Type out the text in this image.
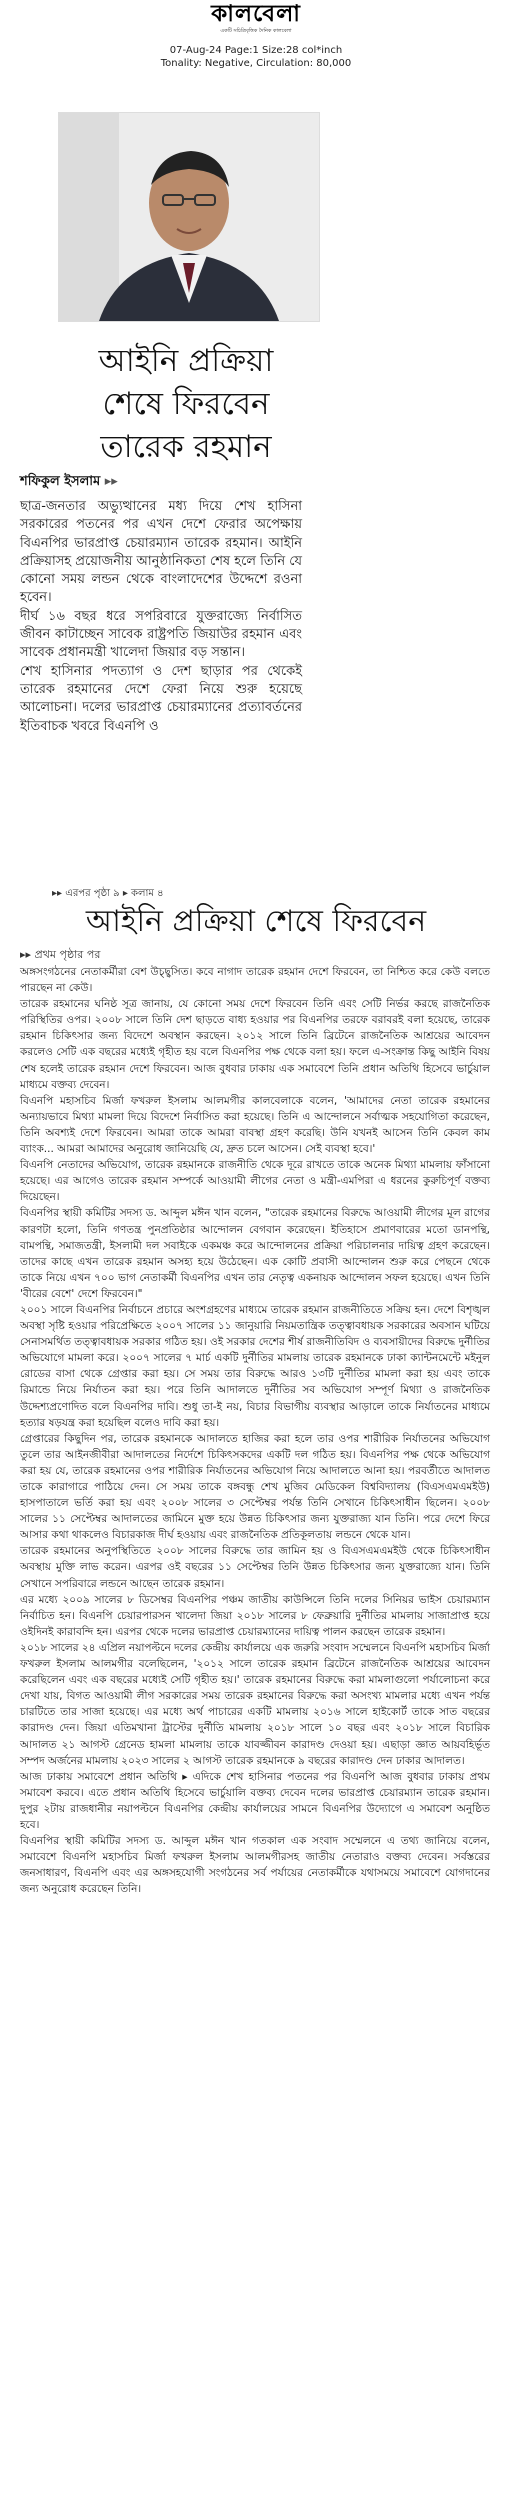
কালবেলা
একটি সচিত্রিবৃত্তিক দৈনিক কালবেলা
07-Aug-24 Page:1 Size:28 col*inch
Tonality: Negative, Circulation: 80,000
আইনি প্রক্রিয়া
শেষে ফিরবেন
তারেক রহমান
শফিকুল ইসলাম ▸▸

ছাত্র-জনতার অভ্যুত্থানের মধ্য দিয়ে শেখ হাসিনা সরকারের পতনের পর এখন দেশে ফেরার অপেক্ষায় বিএনপির ভারপ্রাপ্ত চেয়ারম্যান তারেক রহমান। আইনি প্রক্রিয়াসহ প্রয়োজনীয় আনুষ্ঠানিকতা শেষ হলে তিনি যে কোনো সময় লন্ডন থেকে বাংলাদেশের উদ্দেশে রওনা হবেন।

দীর্ঘ ১৬ বছর ধরে সপরিবারে যুক্তরাজ্যে নির্বাসিত জীবন কাটাচ্ছেন সাবেক রাষ্ট্রপতি জিয়াউর রহমান এবং সাবেক প্রধানমন্ত্রী খালেদা জিয়ার বড় সন্তান।

শেখ হাসিনার পদত্যাগ ও দেশ ছাড়ার পর থেকেই তারেক রহমানের দেশে ফেরা নিয়ে শুরু হয়েছে আলোচনা। দলের ভারপ্রাপ্ত চেয়ারম্যানের প্রত্যাবর্তনের ইতিবাচক খবরে বিএনপি ও

▸▸ এরপর পৃষ্ঠা ৯ ▸ কলাম ৪
আইনি প্রক্রিয়া শেষে ফিরবেন
▸▸ প্রথম পৃষ্ঠার পর

অঙ্গসংগঠনের নেতাকর্মীরা বেশ উচ্ছ্বসিত। কবে নাগাদ তারেক রহমান দেশে ফিরবেন, তা নিশ্চিত করে কেউ বলতে পারছেন না কেউ।

তারেক রহমানের ঘনিষ্ঠ সূত্র জানায়, যে কোনো সময় দেশে ফিরবেন তিনি এবং সেটি নির্ভর করছে রাজনৈতিক পরিস্থিতির ওপর। ২০০৮ সালে তিনি দেশ ছাড়তে বাধ্য হওয়ার পর বিএনপির তরফে বরাবরই বলা হয়েছে, তারেক রহমান চিকিৎসার জন্য বিদেশে অবস্থান করছেন। ২০১২ সালে তিনি ব্রিটেনে রাজনৈতিক আশ্রয়ের আবেদন করলেও সেটি এক বছরের মধ্যেই গৃহীত হয় বলে বিএনপির পক্ষ থেকে বলা হয়। ফলে এ-সংক্রান্ত কিছু আইনি বিষয় শেষ হলেই তারেক রহমান দেশে ফিরবেন। আজ বুধবার ঢাকায় এক সমাবেশে তিনি প্রধান অতিথি হিসেবে ভার্চুয়াল মাধ্যমে বক্তব্য দেবেন।

বিএনপি মহাসচিব মির্জা ফখরুল ইসলাম আলমগীর কালবেলাকে বলেন, 'আমাদের নেতা তারেক রহমানের অন্যায়ভাবে মিথ্যা মামলা দিয়ে বিদেশে নির্বাসিত করা হয়েছে। তিনি এ আন্দোলনে সর্বাত্মক সহযোগিতা করেছেন, তিনি অবশ্যই দেশে ফিরবেন। আমরা তাকে আমরা বাবস্থা গ্রহণ করেছি। উনি যখনই আসেন তিনি কেবল কাম ব্যাংক... আমরা আমাদের অনুরোধ জানিয়েছি যে, দ্রুত চলে আসেন। সেই ব্যবস্থা হবে।'

বিএনপি নেতাদের অভিযোগ, তারেক রহমানকে রাজনীতি থেকে দূরে রাখতে তাকে অনেক মিথ্যা মামলায় ফাঁসানো হয়েছে। এর আগেও তারেক রহমান সম্পর্কে আওয়ামী লীগের নেতা ও মন্ত্রী-এমপিরা এ ধরনের কুরুচিপূর্ণ বক্তব্য দিয়েছেন।

বিএনপির স্থায়ী কমিটির সদস্য ড. আব্দুল মঈন খান বলেন, "তারেক রহমানের বিরুদ্ধে আওয়ামী লীগের মূল রাগের কারণটা হলো, তিনি গণতন্ত্র পুনপ্রতিষ্ঠার আন্দোলন বেগবান করেছেন। ইতিহাসে প্রমাণবারের মতো ডানপন্থি, বামপন্থি, সমাজতন্ত্রী, ইসলামী দল সবাইকে একমঞ্চ করে আন্দোলনের প্রক্রিয়া পরিচালনার দায়িত্ব গ্রহণ করেছেন। তাদের কাছে এখন তারেক রহমান অসহ্য হয়ে উঠেছেন। এক কোটি প্রবাসী আন্দোলন শুরু করে পেছনে থেকে তাকে নিয়ে এখন ৭০০ ভাগ নেতাকর্মী বিএনপির এখন তার নেতৃত্ব একনায়ক আন্দোলন সফল হয়েছে। এখন তিনি 'বীরের বেশে' দেশে ফিরবেন।"

২০০১ সালে বিএনপির নির্বাচনে প্রচারে অংশগ্রহণের মাধ্যমে তারেক রহমান রাজনীতিতে সক্রিয় হন। দেশে বিশৃঙ্খল অবস্থা সৃষ্টি হওয়ার পরিপ্রেক্ষিতে ২০০৭ সালের ১১ জানুয়ারি নিয়মতান্ত্রিক তত্ত্বাবধায়ক সরকারের অবসান ঘটিয়ে সেনাসমর্থিত তত্ত্বাবধায়ক সরকার গঠিত হয়। ওই সরকার দেশের শীর্ষ রাজনীতিবিদ ও ব্যবসায়ীদের বিরুদ্ধে দুর্নীতির অভিযোগে মামলা করে। ২০০৭ সালের ৭ মার্চ একটি দুর্নীতির মামলায় তারেক রহমানকে ঢাকা ক্যান্টনমেন্টে মইনুল রোডের বাসা থেকে গ্রেপ্তার করা হয়। সে সময় তার বিরুদ্ধে আরও ১৩টি দুর্নীতির মামলা করা হয় এবং তাকে রিমান্ডে নিয়ে নির্যাতন করা হয়। পরে তিনি আদালতে দুর্নীতির সব অভিযোগ সম্পূর্ণ মিথ্যা ও রাজনৈতিক উদ্দেশ্যপ্রণোদিত বলে বিএনপির দাবি। শুধু তা-ই নয়, বিচার বিভাগীয় ব্যবস্থার আড়ালে তাকে নির্যাতনের মাধ্যমে হত্যার ষড়যন্ত্র করা হয়েছিল বলেও দাবি করা হয়।

গ্রেপ্তারের কিছুদিন পর, তারেক রহমানকে আদালতে হাজির করা হলে তার ওপর শারীরিক নির্যাতনের অভিযোগ তুলে তার আইনজীবীরা আদালতের নির্দেশে চিকিৎসকদের একটি দল গঠিত হয়। বিএনপির পক্ষ থেকে অভিযোগ করা হয় যে, তারেক রহমানের ওপর শারীরিক নির্যাতনের অভিযোগ নিয়ে আদালতে আনা হয়। পরবর্তীতে আদালত তাকে কারাগারে পাঠিয়ে দেন। সে সময় তাকে বঙ্গবন্ধু শেখ মুজিব মেডিকেল বিশ্ববিদ্যালয় (বিএসএমএমইউ) হাসপাতালে ভর্তি করা হয় এবং ২০০৮ সালের ৩ সেপ্টেম্বর পর্যন্ত তিনি সেখানে চিকিৎসাধীন ছিলেন। ২০০৮ সালের ১১ সেপ্টেম্বর আদালতের জামিনে মুক্ত হয়ে উন্নত চিকিৎসার জন্য যুক্তরাজ্য যান তিনি। পরে দেশে ফিরে আসার কথা থাকলেও বিচারকাজ দীর্ঘ হওয়ায় এবং রাজনৈতিক প্রতিকূলতায় লন্ডনে থেকে যান।

তারেক রহমানের অনুপস্থিতিতে ২০০৮ সালের বিরুদ্ধে তার জামিন হয় ও বিএসএমএমইউ থেকে চিকিৎসাধীন অবস্থায় মুক্তি লাভ করেন। এরপর ওই বছরের ১১ সেপ্টেম্বর তিনি উন্নত চিকিৎসার জন্য যুক্তরাজ্যে যান। তিনি সেখানে সপরিবারে লন্ডনে আছেন তারেক রহমান।

এর মধ্যে ২০০৯ সালের ৮ ডিসেম্বর বিএনপির পঞ্চম জাতীয় কাউন্সিলে তিনি দলের সিনিয়র ভাইস চেয়ারম্যান নির্বাচিত হন। বিএনপি চেয়ারপারসন খালেদা জিয়া ২০১৮ সালের ৮ ফেব্রুয়ারি দুর্নীতির মামলায় সাজাপ্রাপ্ত হয়ে ওইদিনই কারাবন্দি হন। এরপর থেকে দলের ভারপ্রাপ্ত চেয়ারম্যানের দায়িত্ব পালন করছেন তারেক রহমান।

২০১৮ সালের ২৪ এপ্রিল নয়াপল্টনে দলের কেন্দ্রীয় কার্যালয়ে এক জরুরি সংবাদ সম্মেলনে বিএনপি মহাসচিব মির্জা ফখরুল ইসলাম আলমগীর বলেছিলেন, '২০১২ সালে তারেক রহমান ব্রিটেনে রাজনৈতিক আশ্রয়ের আবেদন করেছিলেন এবং এক বছরের মধ্যেই সেটি গৃহীত হয়।' তারেক রহমানের বিরুদ্ধে করা মামলাগুলো পর্যালোচনা করে দেখা যায়, বিগত আওয়ামী লীগ সরকারের সময় তারেক রহমানের বিরুদ্ধে করা অসংখ্য মামলার মধ্যে এখন পর্যন্ত চারটিতে তার সাজা হয়েছে। এর মধ্যে অর্থ পাচারের একটি মামলায় ২০১৬ সালে হাইকোর্ট তাকে সাত বছরের কারাদণ্ড দেন। জিয়া এতিমখানা ট্রাস্টের দুর্নীতি মামলায় ২০১৮ সালে ১০ বছর এবং ২০১৮ সালে বিচারিক আদালত ২১ আগস্ট গ্রেনেড হামলা মামলায় তাকে যাবজ্জীবন কারাদণ্ড দেওয়া হয়। এছাড়া জ্ঞাত আয়বহির্ভূত সম্পদ অর্জনের মামলায় ২০২৩ সালের ২ আগস্ট তারেক রহমানকে ৯ বছরের কারাদণ্ড দেন ঢাকার আদালত।

আজ ঢাকায় সমাবেশে প্রধান অতিথি ▸ এদিকে শেখ হাসিনার পতনের পর বিএনপি আজ বুধবার ঢাকায় প্রথম সমাবেশ করবে। এতে প্রধান অতিথি হিসেবে ভার্চুয়ালি বক্তব্য দেবেন দলের ভারপ্রাপ্ত চেয়ারম্যান তারেক রহমান। দুপুর ২টায় রাজধানীর নয়াপল্টনে বিএনপির কেন্দ্রীয় কার্যালয়ের সামনে বিএনপির উদ্যোগে এ সমাবেশ অনুষ্ঠিত হবে।

বিএনপির স্থায়ী কমিটির সদস্য ড. আব্দুল মঈন খান গতকাল এক সংবাদ সম্মেলনে এ তথ্য জানিয়ে বলেন, সমাবেশে বিএনপি মহাসচিব মির্জা ফখরুল ইসলাম আলমগীরসহ জাতীয় নেতারাও বক্তব্য দেবেন। সর্বস্তরের জনসাধারণ, বিএনপি এবং এর অঙ্গসহযোগী সংগঠনের সর্ব পর্যায়ের নেতাকর্মীকে যথাসময়ে সমাবেশে যোগদানের জন্য অনুরোধ করেছেন তিনি।
